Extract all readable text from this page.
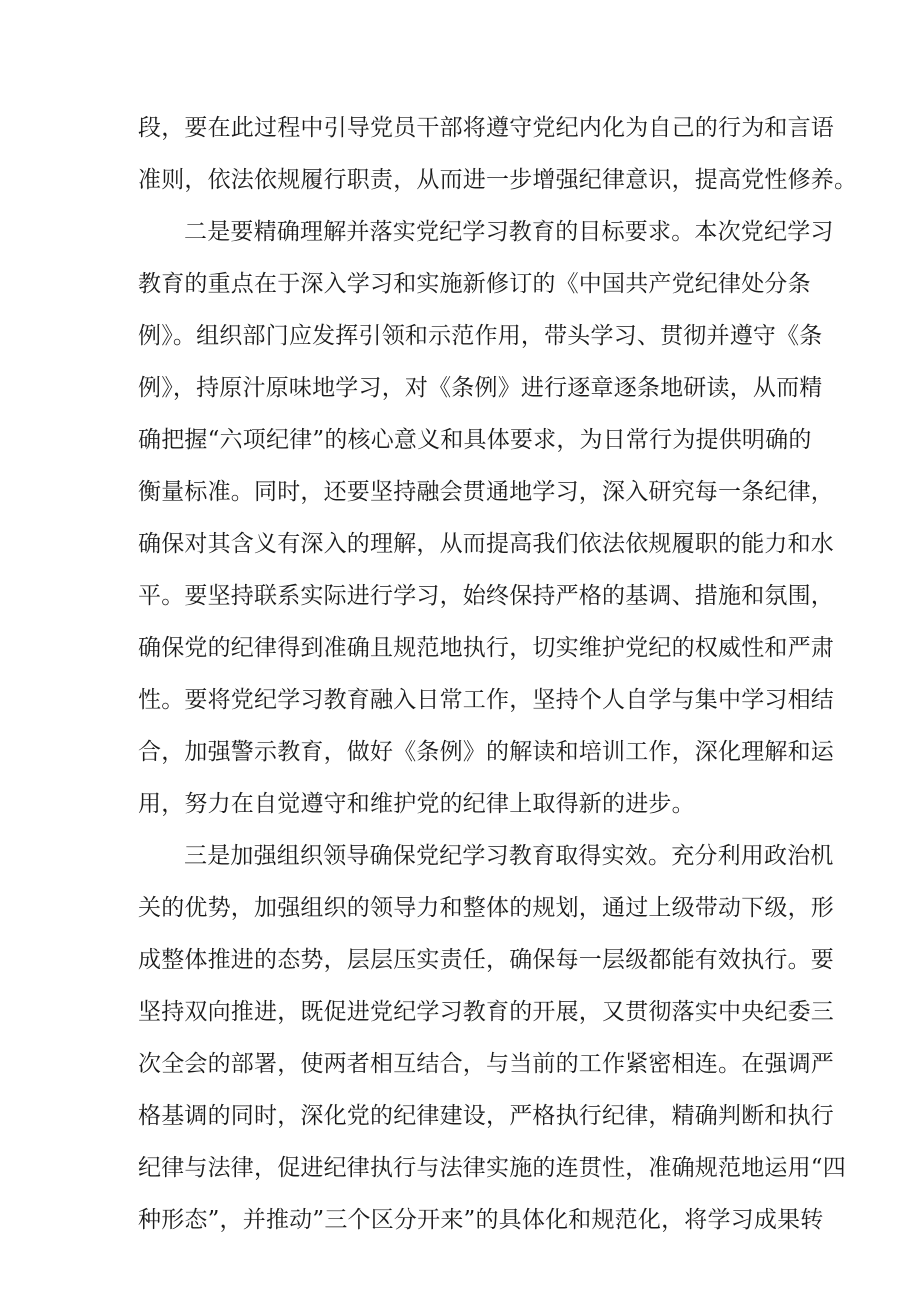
段，要在此过程中引导党员干部将遵守党纪内化为自己的行为和言语
准则，依法依规履行职责，从而进一步增强纪律意识，提高党性修养。
二是要精确理解并落实党纪学习教育的目标要求。本次党纪学习
教育的重点在于深入学习和实施新修订的《中国共产党纪律处分条
例》。组织部门应发挥引领和示范作用，带头学习、贯彻并遵守《条
例》，持原汁原味地学习，对《条例》进行逐章逐条地研读，从而精
确把握“六项纪律”的核心意义和具体要求，为日常行为提供明确的
衡量标准。同时，还要坚持融会贯通地学习，深入研究每一条纪律，
确保对其含义有深入的理解，从而提高我们依法依规履职的能力和水
平。要坚持联系实际进行学习，始终保持严格的基调、措施和氛围，
确保党的纪律得到准确且规范地执行，切实维护党纪的权威性和严肃
性。要将党纪学习教育融入日常工作，坚持个人自学与集中学习相结
合，加强警示教育，做好《条例》的解读和培训工作，深化理解和运
用，努力在自觉遵守和维护党的纪律上取得新的进步。
三是加强组织领导确保党纪学习教育取得实效。充分利用政治机
关的优势，加强组织的领导力和整体的规划，通过上级带动下级，形
成整体推进的态势，层层压实责任，确保每一层级都能有效执行。要
坚持双向推进，既促进党纪学习教育的开展，又贯彻落实中央纪委三
次全会的部署，使两者相互结合，与当前的工作紧密相连。在强调严
格基调的同时，深化党的纪律建设，严格执行纪律，精确判断和执行
纪律与法律，促进纪律执行与法律实施的连贯性，准确规范地运用“四
种形态”，并推动”三个区分开来”的具体化和规范化，将学习成果转
